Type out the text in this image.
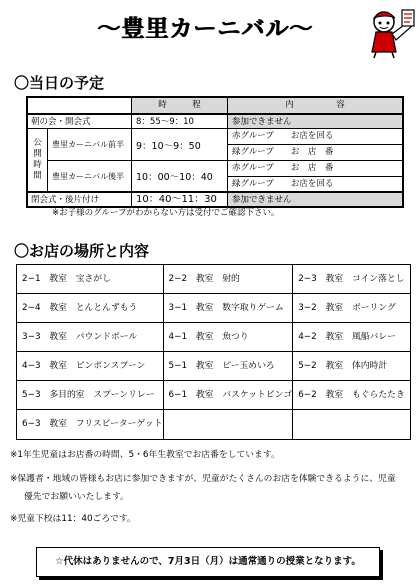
〜豊里カーニバル〜
〇当日の予定
時　　　程	内　　　　　容
朝の会・開会式	8：55〜9：10	参加できません
公
開
時
間
豊里カーニバル前半	9：10〜9：50
赤グループ　　お店を回る
緑グループ　　お　店　番
豊里カーニバル後半	10：00〜10：40
赤グループ　　お　店　番
緑グループ　　お店を回る
閉会式・後片付け	10：40〜11：30	参加できません
※お子様のグループがわからない方は受付でご確認下さい。
〇お店の場所と内容
2−1　教室　宝さがし	2−2　教室　射的	2−3　教室　コイン落とし
2−4　教室　とんとんずもう	3−1　教室　数字取りゲーム	3−2　教室　ボーリング
3−3　教室　パウンドボール	4−1　教室　魚つり	4−2　教室　風船バレー
4−3　教室　ピンポンスプーン	5−1　教室　ピー玉めいろ	5−2　教室　体内時計
5−3　多目的室　スプーンリレー	6−1　教室　バスケットビンゴ 6−2　教室　もぐらたたき
6−3　教室　フリスビーターゲット
※1年生児童はお店番の時間、5・6年生教室でお店番をしています。
※保護者・地域の皆様もお店に参加できますが、児童がたくさんのお店を体験できるように、児童
優先でお願いいたします。
※児童下校は11：40ごろです。
☆代休はありませんので、7月3日（月）は通常通りの授業となります。
